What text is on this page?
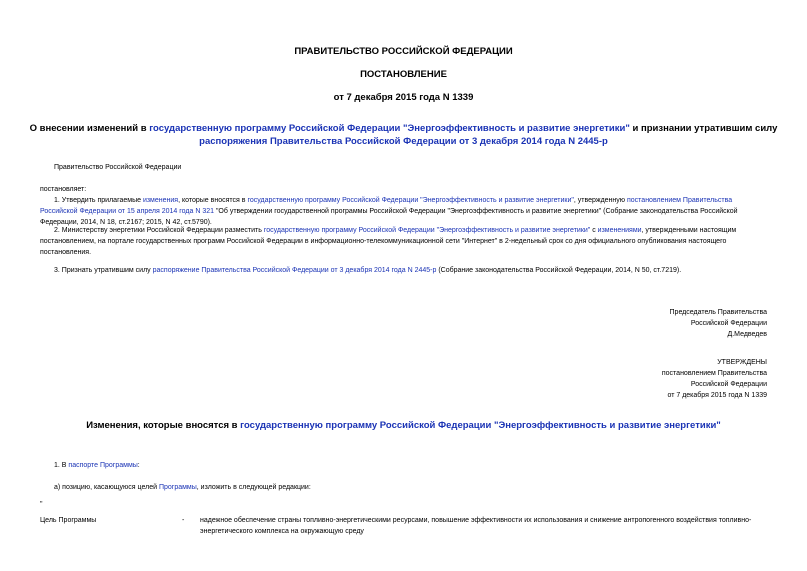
ПРАВИТЕЛЬСТВО РОССИЙСКОЙ ФЕДЕРАЦИИ
ПОСТАНОВЛЕНИЕ
от 7 декабря 2015 года N 1339
О внесении изменений в государственную программу Российской Федерации "Энергоэффективность и развитие энергетики" и признании утратившим силу
распоряжения Правительства Российской Федерации от 3 декабря 2014 года N 2445-р
Правительство Российской Федерации
постановляет:
1. Утвердить прилагаемые изменения, которые вносятся в государственную программу Российской Федерации "Энергоэффективность и развитие энергетики", утвержденную постановлением Правительства
Российской Федерации от 15 апреля 2014 года N 321 "Об утверждении государственной программы Российской Федерации "Энергоэффективность и развитие энергетики" (Собрание законодательства Российской
Федерации, 2014, N 18, ст.2167; 2015, N 42, ст.5790).
2. Министерству энергетики Российской Федерации разместить государственную программу Российской Федерации "Энергоэффективность и развитие энергетики" с изменениями, утвержденными настоящим
постановлением, на портале государственных программ Российской Федерации в информационно-телекоммуникационной сети "Интернет" в 2-недельный срок со дня официального опубликования настоящего
постановления.
3. Признать утратившим силу распоряжение Правительства Российской Федерации от 3 декабря 2014 года N 2445-р (Собрание законодательства Российской Федерации, 2014, N 50, ст.7219).
Председатель Правительства
Российской Федерации
Д.Медведев
УТВЕРЖДЕНЫ
постановлением Правительства
Российской Федерации
от 7 декабря 2015 года N 1339
Изменения, которые вносятся в государственную программу Российской Федерации "Энергоэффективность и развитие энергетики"
1. В паспорте Программы:
а) позицию, касающуюся целей Программы, изложить в следующей редакции:
"
Цель Программы	- надежное обеспечение страны топливно-энергетическими ресурсами, повышение эффективности их использования и снижение антропогенного воздействия топливно-
энергетического комплекса на окружающую среду
